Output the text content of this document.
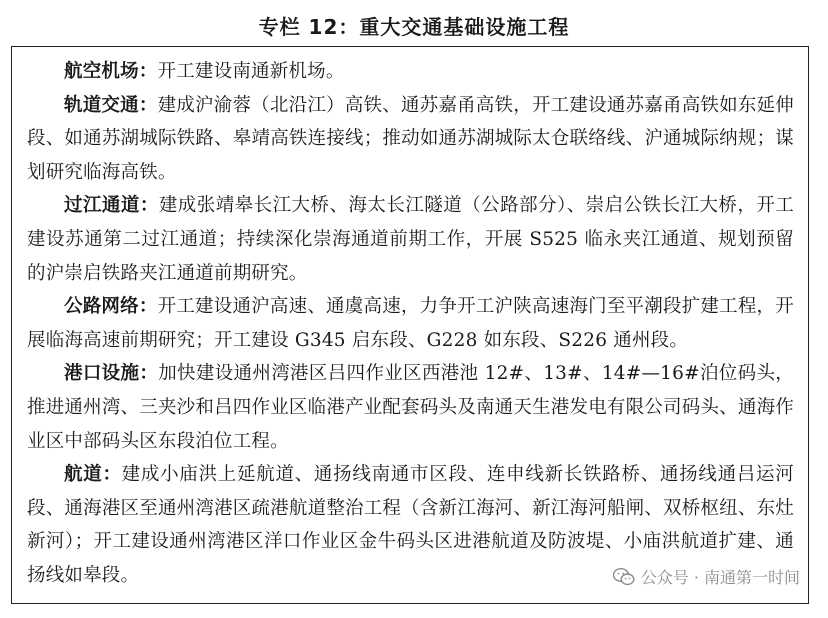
专栏 12：重大交通基础设施工程

航空机场：开工建设南通新机场。

轨道交通：建成沪渝蓉（北沿江）高铁、通苏嘉甬高铁，开工建设通苏嘉甬高铁如东延伸段、如通苏湖城际铁路、皋靖高铁连接线；推动如通苏湖城际太仓联络线、沪通城际纳规；谋划研究临海高铁。

过江通道：建成张靖皋长江大桥、海太长江隧道（公路部分）、崇启公铁长江大桥，开工建设苏通第二过江通道；持续深化崇海通道前期工作，开展 S525 临永夹江通道、规划预留的沪崇启铁路夹江通道前期研究。

公路网络：开工建设通沪高速、通虞高速，力争开工沪陕高速海门至平潮段扩建工程，开展临海高速前期研究；开工建设 G345 启东段、G228 如东段、S226 通州段。

港口设施：加快建设通州湾港区吕四作业区西港池 12#、13#、14#—16#泊位码头，推进通州湾、三夹沙和吕四作业区临港产业配套码头及南通天生港发电有限公司码头、通海作业区中部码头区东段泊位工程。

航道：建成小庙洪上延航道、通扬线南通市区段、连申线新长铁路桥、通扬线通吕运河段、通海港区至通州湾港区疏港航道整治工程（含新江海河、新江海河船闸、双桥枢纽、东灶新河）；开工建设通州湾港区洋口作业区金牛码头区进港航道及防波堤、小庙洪航道扩建、通扬线如皋段。	公众号 · 南通第一时间
